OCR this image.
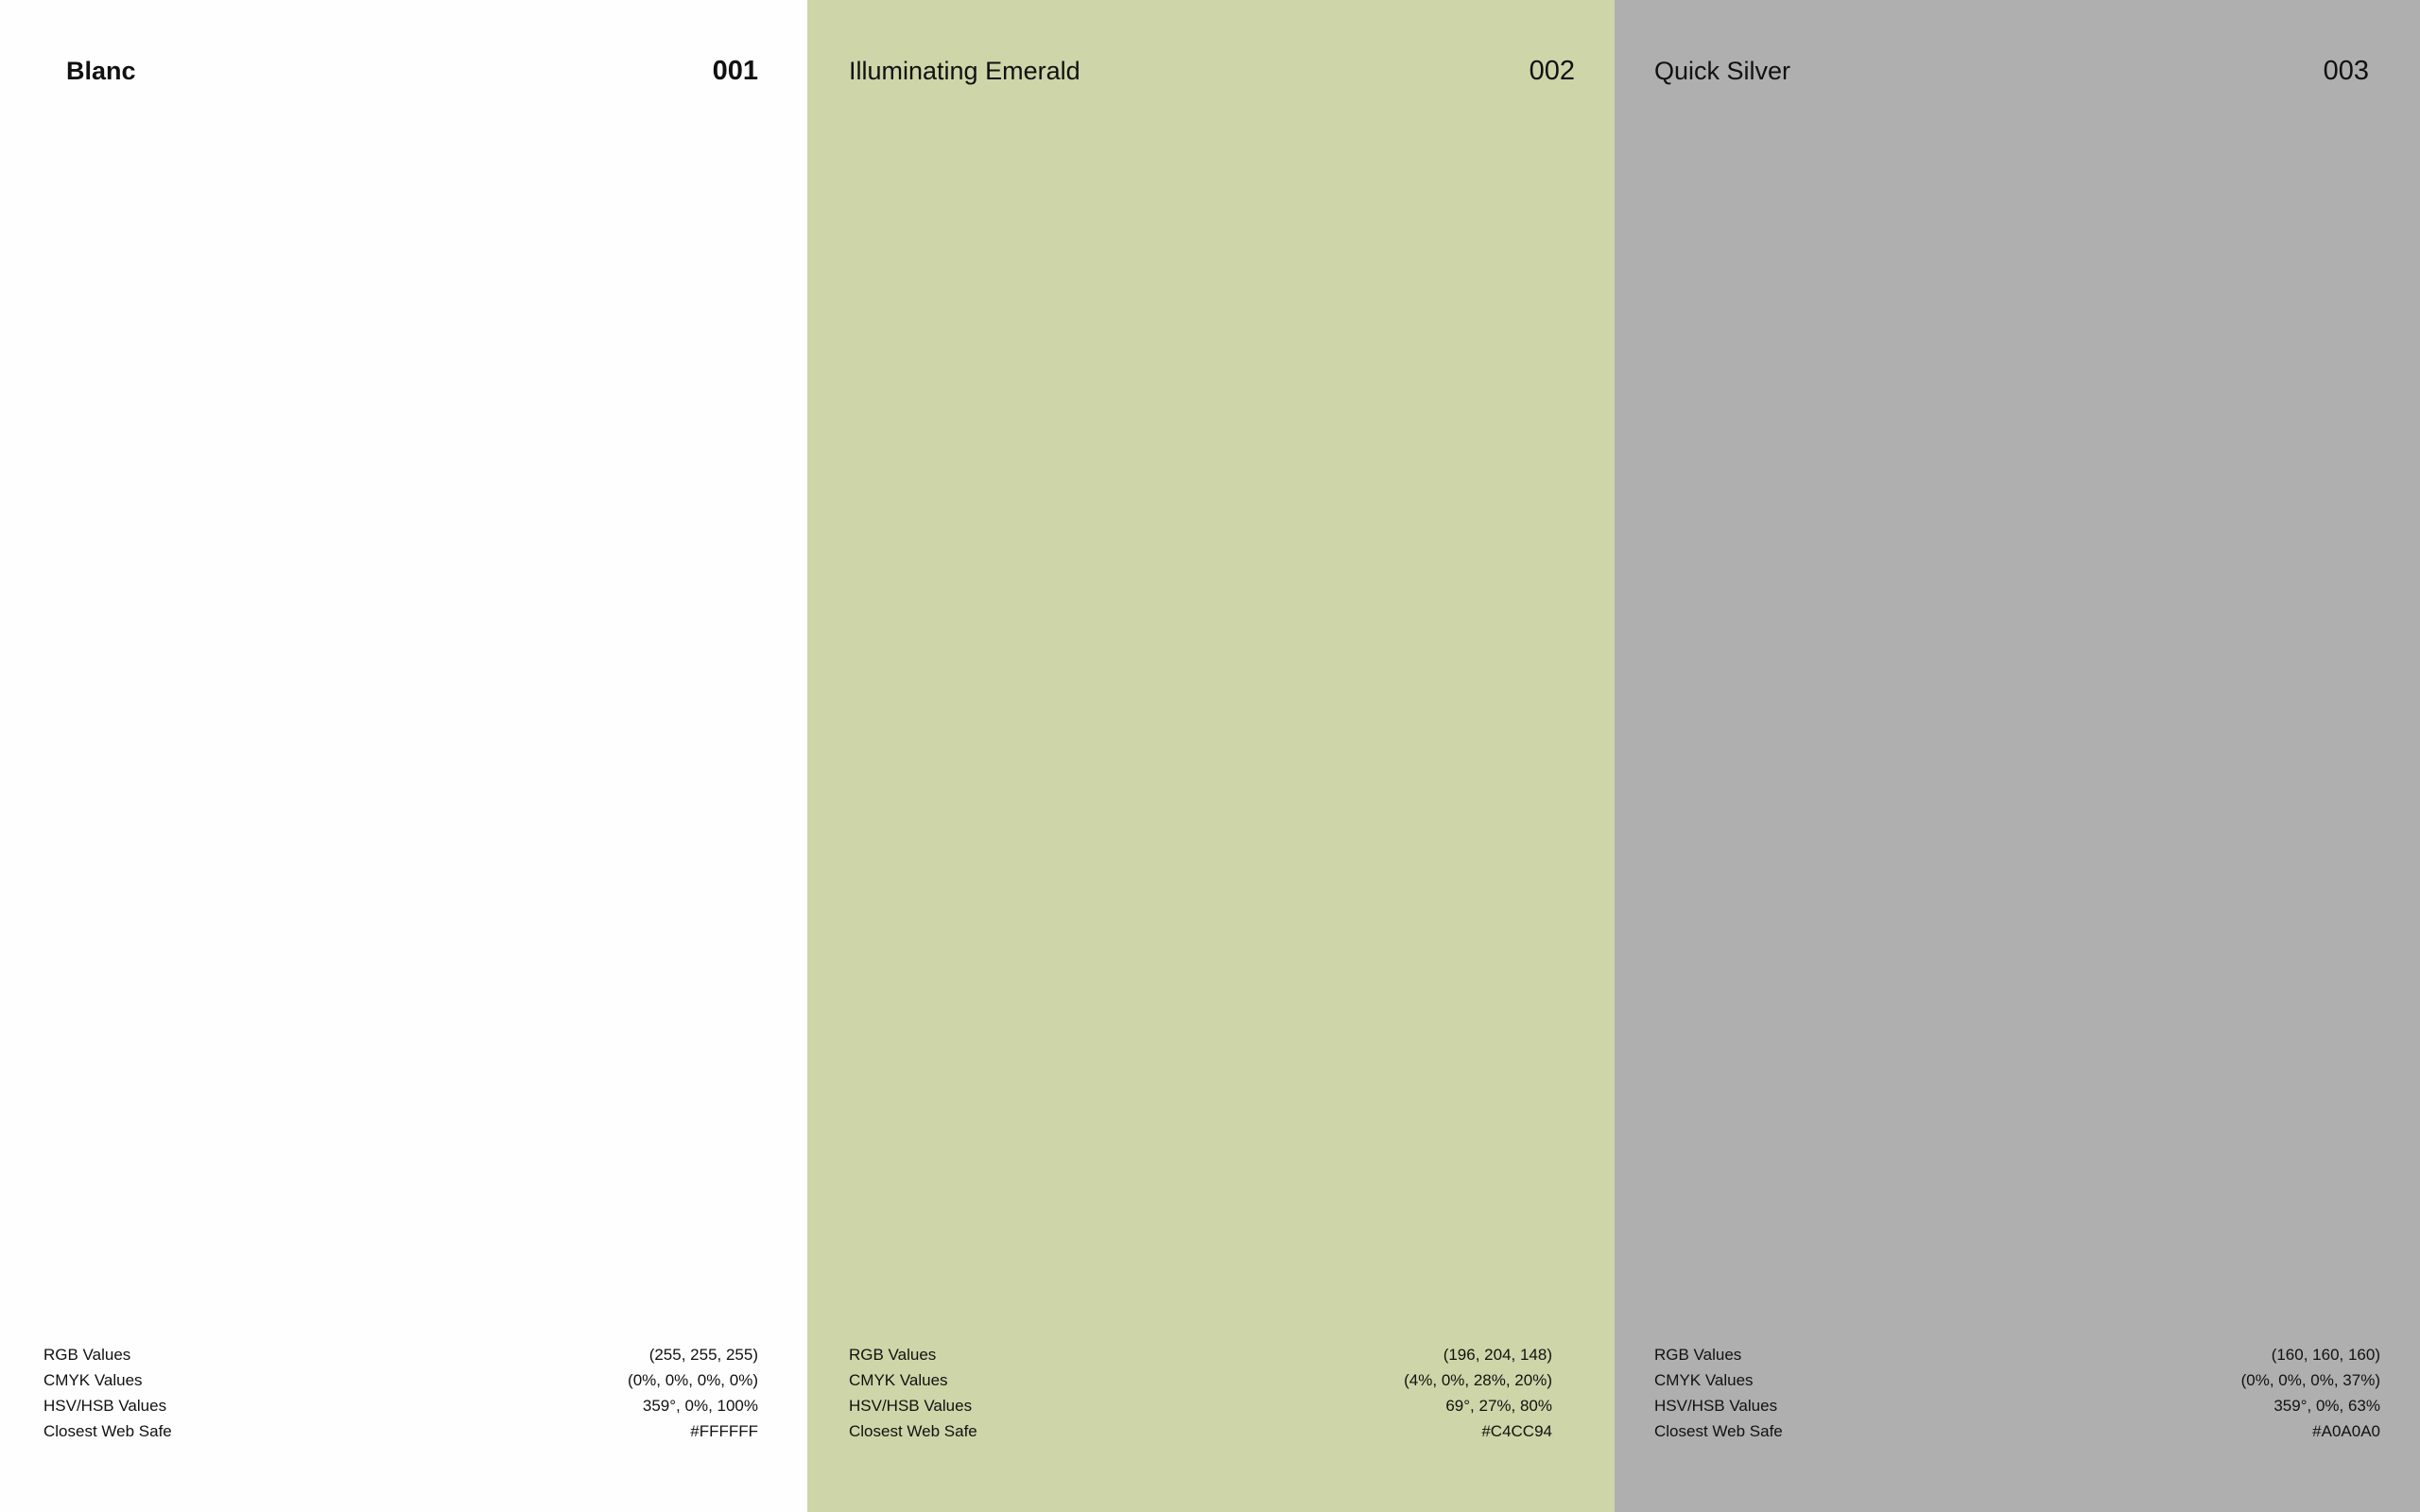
Blanc	001
RGB Values	(255, 255, 255)
CMYK Values	(0%, 0%, 0%, 0%)
HSV/HSB Values	359°, 0%, 100%
Closest Web Safe	#FFFFFF
Illuminating Emerald	002
RGB Values	(196, 204, 148)
CMYK Values	(4%, 0%, 28%, 20%)
HSV/HSB Values	69°, 27%, 80%
Closest Web Safe	#C4CC94
Quick Silver	003
RGB Values	(160, 160, 160)
CMYK Values	(0%, 0%, 0%, 37%)
HSV/HSB Values	359°, 0%, 63%
Closest Web Safe	#A0A0A0
